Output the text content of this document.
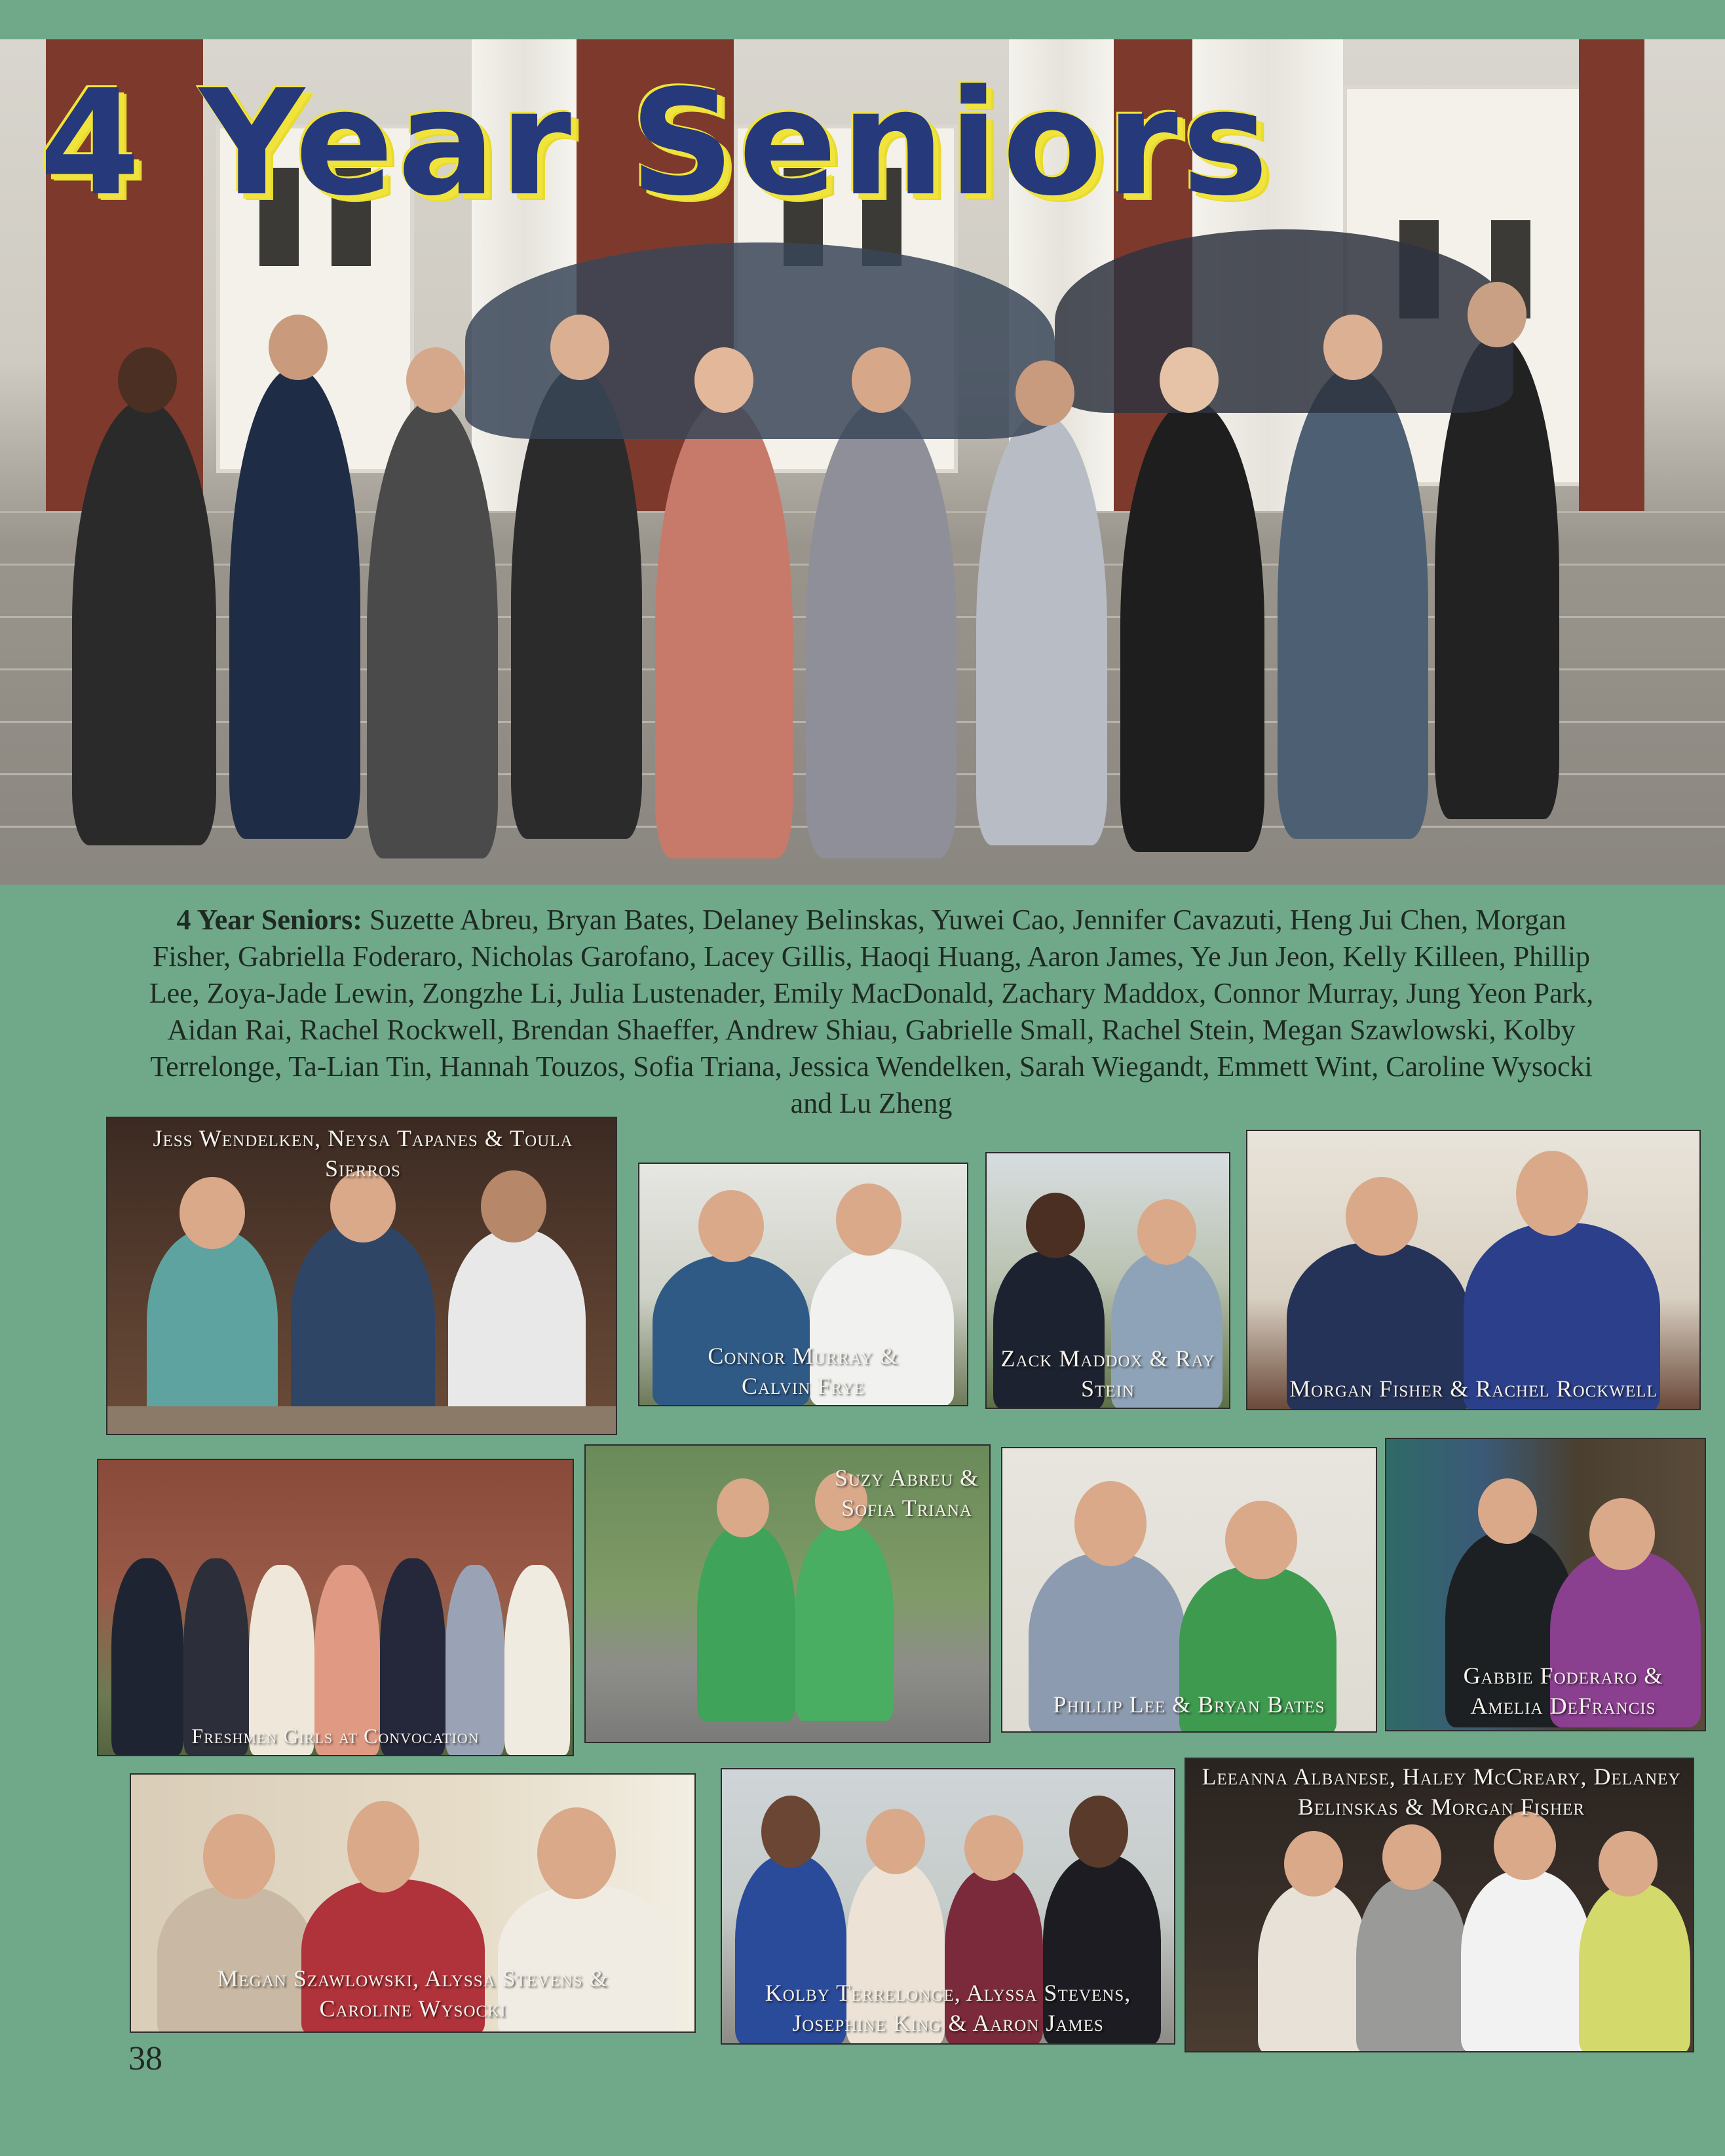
4 Year Seniors

4 Year Seniors: Suzette Abreu, Bryan Bates, Delaney Belinskas, Yuwei Cao, Jennifer Cavazuti, Heng Jui Chen, Morgan Fisher, Gabriella Foderaro, Nicholas Garofano, Lacey Gillis, Haoqi Huang, Aaron James, Ye Jun Jeon, Kelly Killeen, Phillip Lee, Zoya-Jade Lewin, Zongzhe Li, Julia Lustenader, Emily MacDonald, Zachary Maddox, Connor Murray, Jung Yeon Park, Aidan Rai, Rachel Rockwell, Brendan Shaeffer, Andrew Shiau, Gabrielle Small, Rachel Stein, Megan Szawlowski, Kolby Terrelonge, Ta-Lian Tin, Hannah Touzos, Sofia Triana, Jessica Wendelken, Sarah Wiegandt, Emmett Wint, Caroline Wysocki and Lu Zheng

Jess Wendelken, Neysa Tapanes & Toula Sierros

Connor Murray & Calvin Frye

Zack Maddox & Ray Stein	Morgan Fisher & Rachel Rockwell

Freshmen Girls at Convocation

Suzy Abreu & Sofia Triana

Phillip Lee & Bryan Bates

Gabbie Foderaro & Amelia DeFrancis

Megan Szawlowski, Alyssa Stevens & Caroline Wysocki

Kolby Terrelonge, Alyssa Stevens, Josephine King & Aaron James

Leeanna Albanese, Haley McCreary, Delaney Belinskas & Morgan Fisher

38
